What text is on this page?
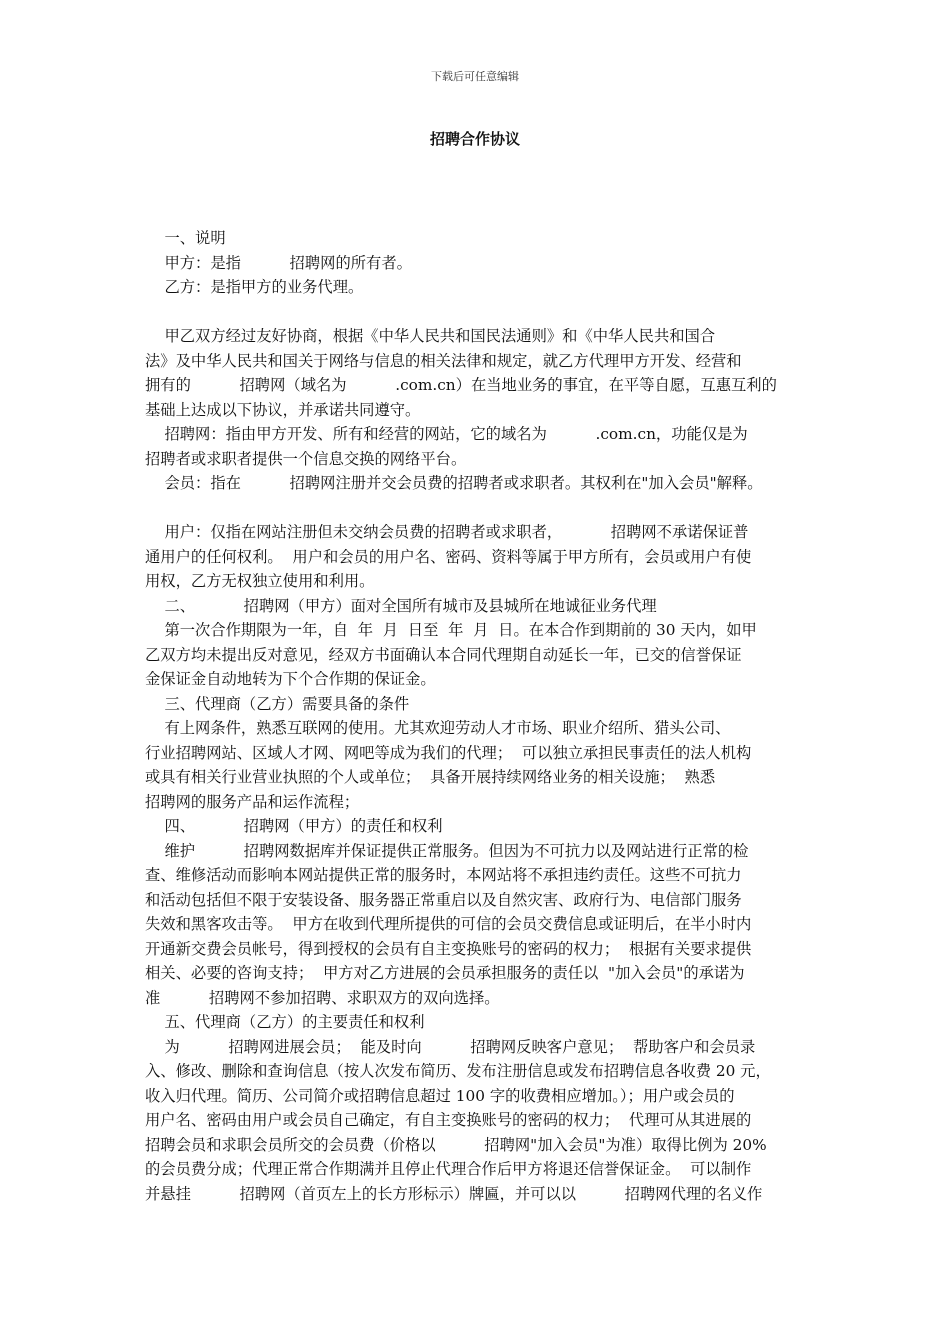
下载后可任意编辑
招聘合作协议
一、说明
甲方：是指          招聘网的所有者。
乙方：是指甲方的业务代理。
甲乙双方经过友好协商，根据《中华人民共和国民法通则》和《中华人民共和国合
法》及中华人民共和国关于网络与信息的相关法律和规定，就乙方代理甲方开发、经营和
拥有的          招聘网（域名为          .com.cn）在当地业务的事宜，在平等自愿，互惠互利的
基础上达成以下协议，并承诺共同遵守。
招聘网：指由甲方开发、所有和经营的网站，它的域名为          .com.cn，功能仅是为
招聘者或求职者提供一个信息交换的网络平台。
会员：指在          招聘网注册并交会员费的招聘者或求职者。其权利在"加入会员"解释。
用户：仅指在网站注册但未交纳会员费的招聘者或求职者，          招聘网不承诺保证普
通用户的任何权利。  用户和会员的用户名、密码、资料等属于甲方所有，会员或用户有使
用权，乙方无权独立使用和利用。
二、          招聘网（甲方）面对全国所有城市及县城所在地诚征业务代理
第一次合作期限为一年，自  年  月  日至  年  月  日。在本合作到期前的 30 天内，如甲
乙双方均未提出反对意见，经双方书面确认本合同代理期自动延长一年，已交的信誉保证
金保证金自动地转为下个合作期的保证金。
三、代理商（乙方）需要具备的条件
有上网条件，熟悉互联网的使用。尤其欢迎劳动人才市场、职业介绍所、猎头公司、
行业招聘网站、区域人才网、网吧等成为我们的代理；  可以独立承担民事责任的法人机构
或具有相关行业营业执照的个人或单位；  具备开展持续网络业务的相关设施；  熟悉
招聘网的服务产品和运作流程；
四、          招聘网（甲方）的责任和权利
维护          招聘网数据库并保证提供正常服务。但因为不可抗力以及网站进行正常的检
查、维修活动而影响本网站提供正常的服务时，本网站将不承担违约责任。这些不可抗力
和活动包括但不限于安装设备、服务器正常重启以及自然灾害、政府行为、电信部门服务
失效和黑客攻击等。  甲方在收到代理所提供的可信的会员交费信息或证明后，在半小时内
开通新交费会员帐号，得到授权的会员有自主变换账号的密码的权力；  根据有关要求提供
相关、必要的咨询支持；  甲方对乙方进展的会员承担服务的责任以  "加入会员"的承诺为
准          招聘网不参加招聘、求职双方的双向选择。
五、代理商（乙方）的主要责任和权利
为          招聘网进展会员；  能及时向          招聘网反映客户意见；  帮助客户和会员录
入、修改、删除和查询信息（按人次发布简历、发布注册信息或发布招聘信息各收费 20 元，
收入归代理。简历、公司简介或招聘信息超过 100 字的收费相应增加。）；用户或会员的
用户名、密码由用户或会员自己确定，有自主变换账号的密码的权力；  代理可从其进展的
招聘会员和求职会员所交的会员费（价格以          招聘网"加入会员"为准）取得比例为 20%
的会员费分成；代理正常合作期满并且停止代理合作后甲方将退还信誉保证金。  可以制作
并悬挂          招聘网（首页左上的长方形标示）牌匾，并可以以          招聘网代理的名义作
